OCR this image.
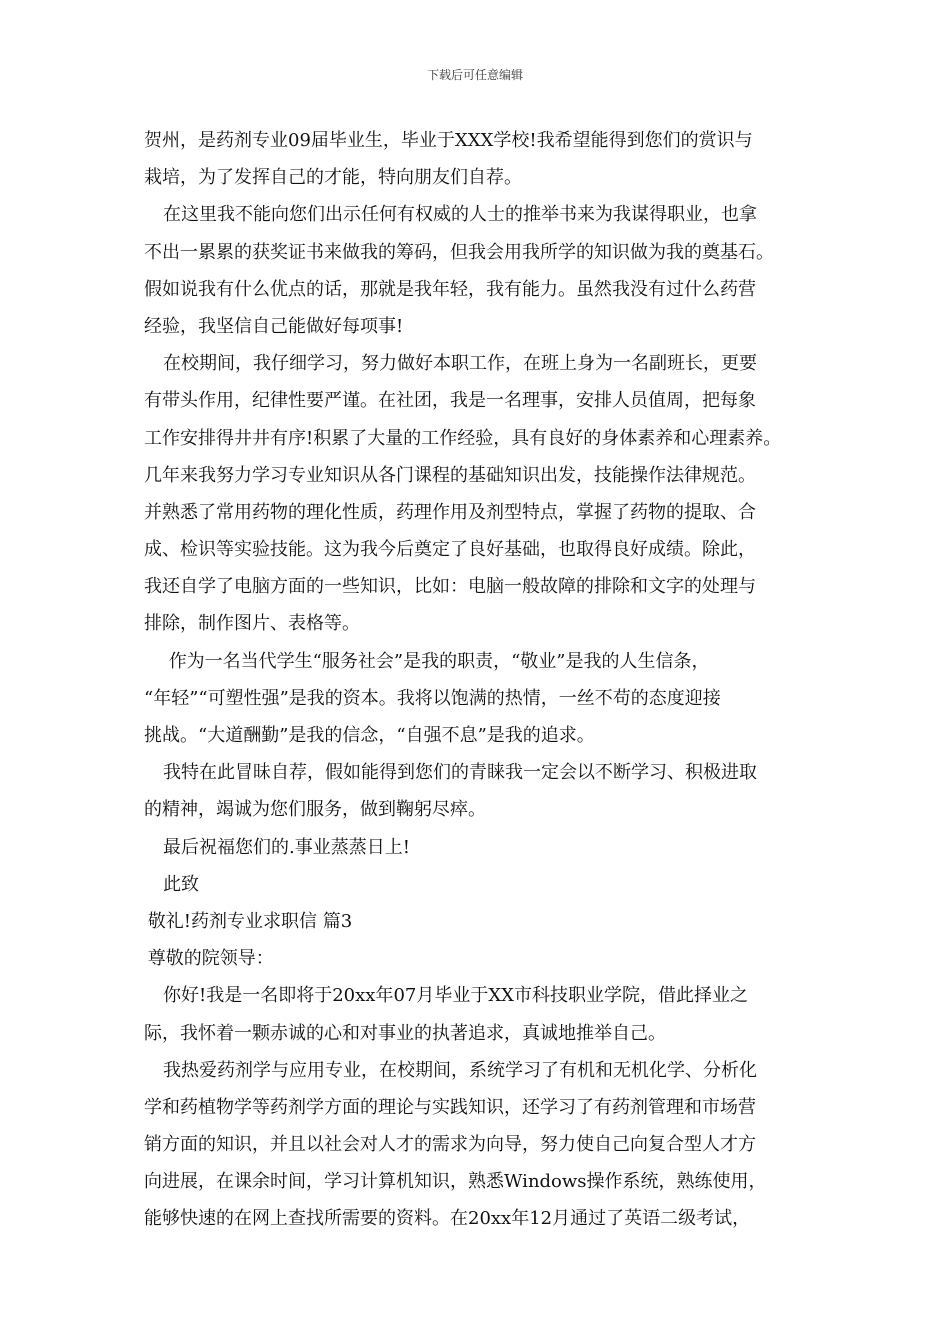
下载后可任意编辑
贺州，是药剂专业09届毕业生，毕业于XXX学校!我希望能得到您们的赏识与
栽培，为了发挥自己的才能，特向朋友们自荐。
在这里我不能向您们出示任何有权威的人士的推举书来为我谋得职业，也拿
不出一累累的获奖证书来做我的筹码，但我会用我所学的知识做为我的奠基石。
假如说我有什么优点的话，那就是我年轻，我有能力。虽然我没有过什么药营
经验，我坚信自己能做好每项事!
在校期间，我仔细学习，努力做好本职工作，在班上身为一名副班长，更要
有带头作用，纪律性要严谨。在社团，我是一名理事，安排人员值周，把每象
工作安排得井井有序!积累了大量的工作经验，具有良好的身体素养和心理素养。
几年来我努力学习专业知识从各门课程的基础知识出发，技能操作法律规范。
并熟悉了常用药物的理化性质，药理作用及剂型特点，掌握了药物的提取、合
成、检识等实验技能。这为我今后奠定了良好基础，也取得良好成绩。除此，
我还自学了电脑方面的一些知识，比如：电脑一般故障的排除和文字的处理与
排除，制作图片、表格等。
作为一名当代学生“服务社会”是我的职责，“敬业”是我的人生信条，
“年轻”“可塑性强”是我的资本。我将以饱满的热情，一丝不苟的态度迎接
挑战。“大道酬勤”是我的信念，“自强不息”是我的追求。
我特在此冒昧自荐，假如能得到您们的青睐我一定会以不断学习、积极进取
的精神，竭诚为您们服务，做到鞠躬尽瘁。
最后祝福您们的.事业蒸蒸日上!
此致
敬礼!药剂专业求职信 篇3
尊敬的院领导：
你好!我是一名即将于20xx年07月毕业于XX市科技职业学院，借此择业之
际，我怀着一颗赤诚的心和对事业的执著追求，真诚地推举自己。
我热爱药剂学与应用专业，在校期间，系统学习了有机和无机化学、分析化
学和药植物学等药剂学方面的理论与实践知识，还学习了有药剂管理和市场营
销方面的知识，并且以社会对人才的需求为向导，努力使自己向复合型人才方
向进展，在课余时间，学习计算机知识，熟悉Windows操作系统，熟练使用，
能够快速的在网上查找所需要的资料。在20xx年12月通过了英语二级考试，
